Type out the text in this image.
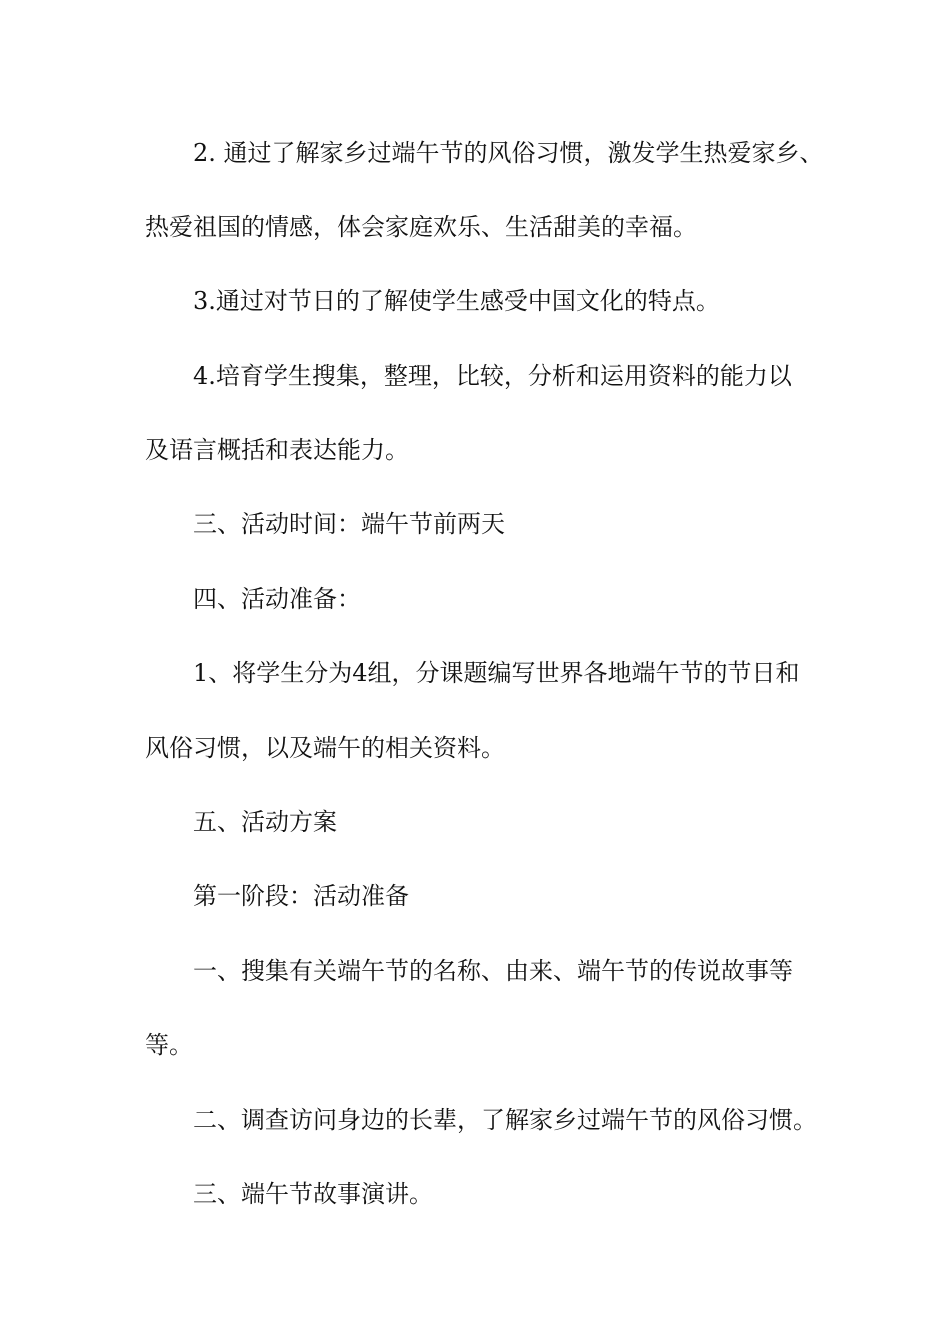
2. 通过了解家乡过端午节的风俗习惯，激发学生热爱家乡、
热爱祖国的情感，体会家庭欢乐、生活甜美的幸福。
3.通过对节日的了解使学生感受中国文化的特点。
4.培育学生搜集，整理，比较，分析和运用资料的能力以
及语言概括和表达能力。
三、活动时间：端午节前两天
四、活动准备：
1、将学生分为4组，分课题编写世界各地端午节的节日和
风俗习惯，以及端午的相关资料。
五、活动方案
第一阶段：活动准备
一、搜集有关端午节的名称、由来、端午节的传说故事等
等。
二、调查访问身边的长辈，了解家乡过端午节的风俗习惯。
三、端午节故事演讲。
